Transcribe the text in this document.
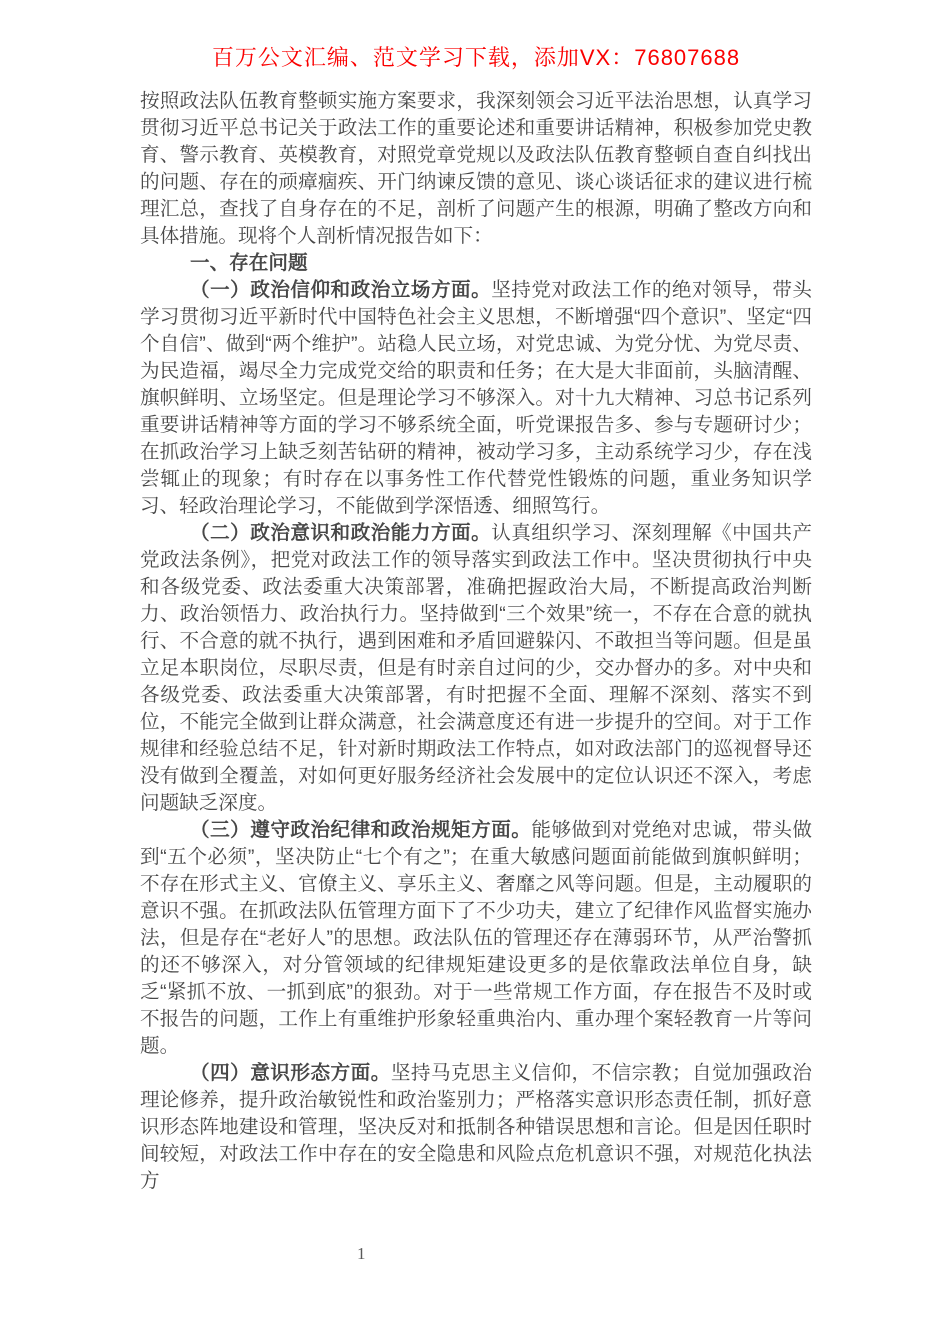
百万公文汇编、范文学习下载，添加VX：76807688

按照政法队伍教育整顿实施方案要求，我深刻领会习近平法治思想，认真学习贯彻习近平总书记关于政法工作的重要论述和重要讲话精神，积极参加党史教育、警示教育、英模教育，对照党章党规以及政法队伍教育整顿自查自纠找出的问题、存在的顽瘴痼疾、开门纳谏反馈的意见、谈心谈话征求的建议进行梳理汇总，查找了自身存在的不足，剖析了问题产生的根源，明确了整改方向和具体措施。现将个人剖析情况报告如下：

一、存在问题

（一）政治信仰和政治立场方面。坚持党对政法工作的绝对领导，带头学习贯彻习近平新时代中国特色社会主义思想，不断增强“四个意识”、坚定“四个自信”、做到“两个维护”。站稳人民立场，对党忠诚、为党分忧、为党尽责、为民造福，竭尽全力完成党交给的职责和任务；在大是大非面前，头脑清醒、旗帜鲜明、立场坚定。但是理论学习不够深入。对十九大精神、习总书记系列重要讲话精神等方面的学习不够系统全面，听党课报告多、参与专题研讨少；在抓政治学习上缺乏刻苦钻研的精神，被动学习多，主动系统学习少，存在浅尝辄止的现象；有时存在以事务性工作代替党性锻炼的问题，重业务知识学习、轻政治理论学习，不能做到学深悟透、细照笃行。

（二）政治意识和政治能力方面。认真组织学习、深刻理解《中国共产党政法条例》，把党对政法工作的领导落实到政法工作中。坚决贯彻执行中央和各级党委、政法委重大决策部署，准确把握政治大局，不断提高政治判断力、政治领悟力、政治执行力。坚持做到“三个效果”统一，不存在合意的就执行、不合意的就不执行，遇到困难和矛盾回避躲闪、不敢担当等问题。但是虽立足本职岗位，尽职尽责，但是有时亲自过问的少，交办督办的多。对中央和各级党委、政法委重大决策部署，有时把握不全面、理解不深刻、落实不到位，不能完全做到让群众满意，社会满意度还有进一步提升的空间。对于工作规律和经验总结不足，针对新时期政法工作特点，如对政法部门的巡视督导还没有做到全覆盖，对如何更好服务经济社会发展中的定位认识还不深入，考虑问题缺乏深度。

（三）遵守政治纪律和政治规矩方面。能够做到对党绝对忠诚，带头做到“五个必须”，坚决防止“七个有之”；在重大敏感问题面前能做到旗帜鲜明；不存在形式主义、官僚主义、享乐主义、奢靡之风等问题。但是，主动履职的意识不强。在抓政法队伍管理方面下了不少功夫，建立了纪律作风监督实施办法，但是存在“老好人”的思想。政法队伍的管理还存在薄弱环节，从严治警抓的还不够深入，对分管领域的纪律规矩建设更多的是依靠政法单位自身，缺乏“紧抓不放、一抓到底”的狠劲。对于一些常规工作方面，存在报告不及时或不报告的问题，工作上有重维护形象轻重典治内、重办理个案轻教育一片等问题。

（四）意识形态方面。坚持马克思主义信仰，不信宗教；自觉加强政治理论修养，提升政治敏锐性和政治鉴别力；严格落实意识形态责任制，抓好意识形态阵地建设和管理，坚决反对和抵制各种错误思想和言论。但是因任职时间较短，对政法工作中存在的安全隐患和风险点危机意识不强，对规范化执法方

1
